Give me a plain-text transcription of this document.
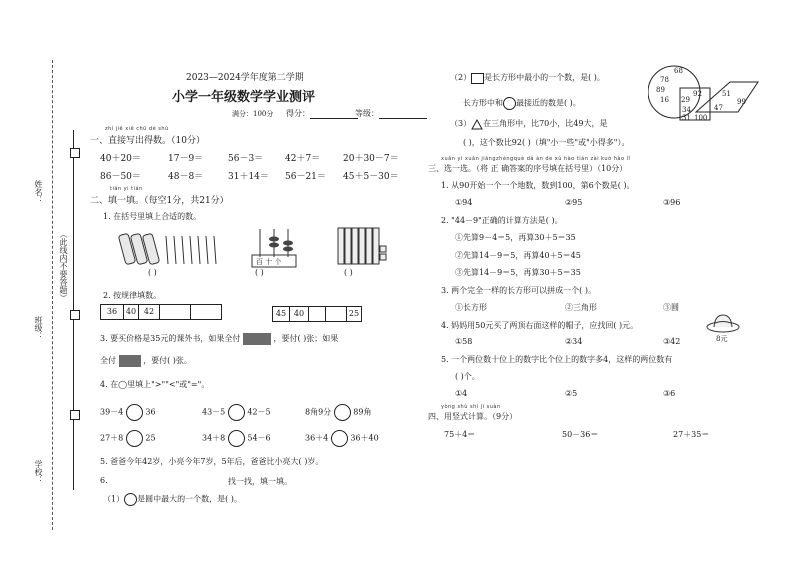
姓名：
班级：
学校：
（此线内不要答题）
2023—2024学年度第二学期
小学一年级数学学业测评
满分：100分 得分：	等级：
zhí jiē xiě chū dé shù
一、直接写出得数。（10分）
40＋20＝	17－9＝	56－3＝ 42＋7＝	20＋30－7＝
86－50＝	48－8＝	31＋14＝ 56－21＝ 45＋5－30＝
tián yi tián
二、填一填。（每空1分，共21分）
1. 在括号里填上合适的数。
( )
百 十 个
( )	( )
2. 按规律填数。
36	40 42	45 40	25
3. 要买价格是35元的课外书，如果全付	，要付( )张；如果
全付	，要付( )张。
4. 在◯里填上">""<"或"="。
39－4	36	43－5	42－5	8角9分	89角
27＋8	25	34＋8	54－6	36＋4	36＋40
5. 爸爸今年42岁，小亮今年7岁，5年后，爸爸比小亮大( )岁。
6.	找一找，填一填。
（1） 是圆中最大的一个数，是( )。
（2） 是长方形中最小的一个数，是( )。
长方形中和 最接近的数是( )。
（3） 在三角形中，比70小，比49大，是
( )，这个数比92( )（填"小一些"或"小得多"）。
68
78
89
16 29
92
34
31
51
99
47
100
xuǎn yi xuǎn jiāngzhèngquè dá àn de xù hào tián zài kuò hào lǐ
三、选一选。（将 正 确答案的序号填在括号里）（10分）
1. 从90开始一个一个地数，数到100，第6个数是( )。
①94	②95	③96
2. "44－9"正确的计算方法是( )。
①先算9－4＝5，再算30＋5＝35
②先算14－9＝5，再算40＋5＝45
③先算14－9＝5，再算30＋5＝35
3. 两个完全一样的长方形可以拼成一个( )。
①长方形	②三角形	③圆
4. 妈妈用50元买了两顶右面这样的帽子，应找回( )元。
8元
①58	②34	③42
5. 一个两位数十位上的数字比个位上的数字多4，这样的两位数有
( )个。
①4	②5	③6
yòng shù shì jì suàn
四、用竖式计算。（9分）
75＋4＝	50－36＝	27＋35＝
